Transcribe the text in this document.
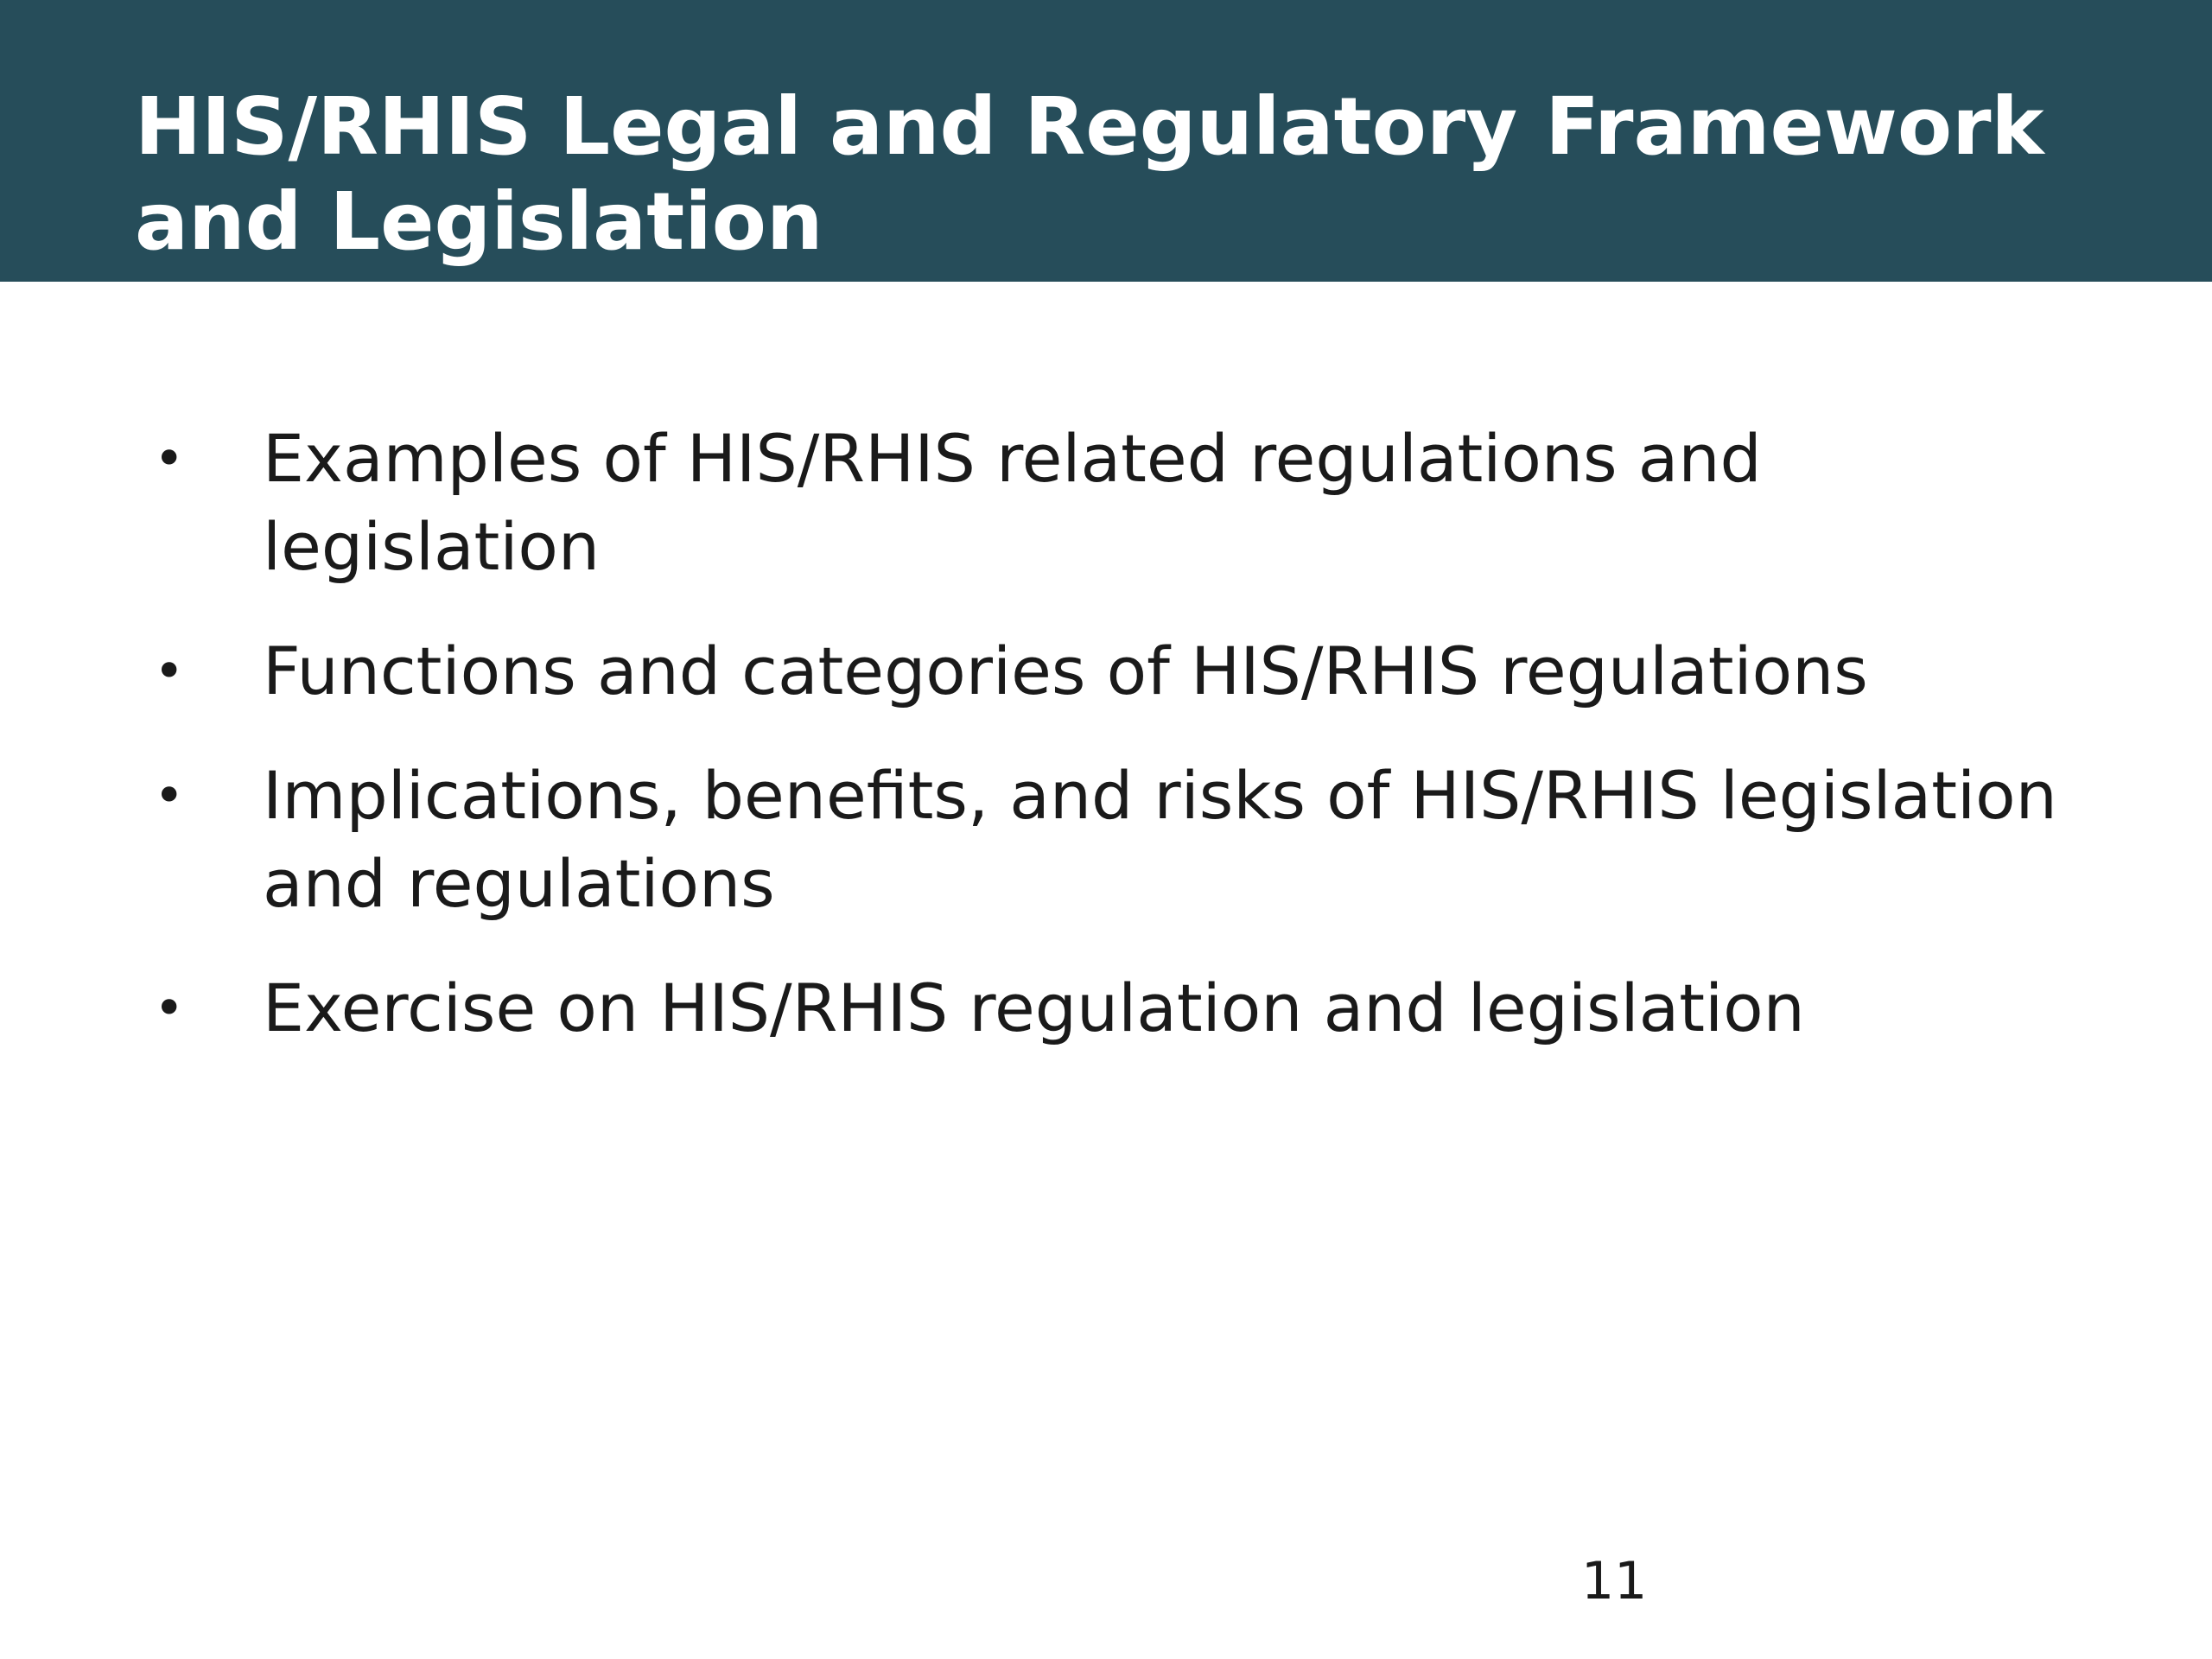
HIS/RHIS Legal and Regulatory Framework and Legislation
• Examples of HIS/RHIS related regulations and legislation
• Functions and categories of HIS/RHIS regulations
• Implications, benefits, and risks of HIS/RHIS legislation and regulations
• Exercise on HIS/RHIS regulation and legislation
11
